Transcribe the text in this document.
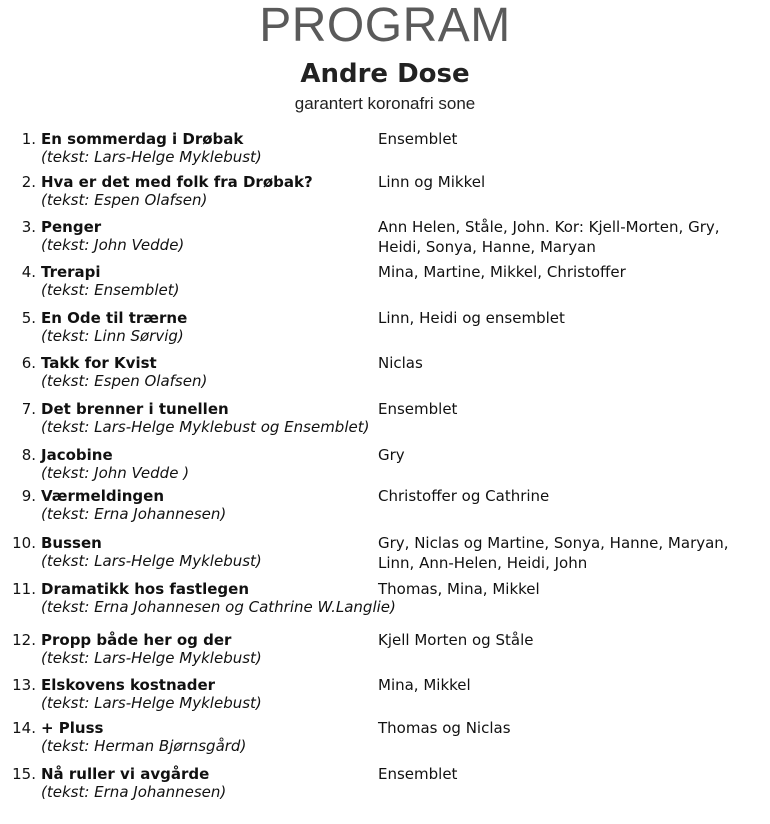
PROGRAM
Andre Dose
garantert koronafri sone
1. En sommerdag i Drøbak
(tekst: Lars-Helge Myklebust)
Ensemblet
2. Hva er det med folk fra Drøbak?
(tekst: Espen Olafsen)
Linn og Mikkel
3. Penger
(tekst: John Vedde)
Ann Helen, Ståle, John. Kor: Kjell-Morten, Gry, Heidi, Sonya, Hanne, Maryan
4. Trerapi
(tekst: Ensemblet)
Mina, Martine, Mikkel, Christoffer
5. En Ode til trærne
(tekst: Linn Sørvig)
Linn, Heidi og ensemblet
6. Takk for Kvist
(tekst: Espen Olafsen)
Niclas
7. Det brenner i tunellen
(tekst: Lars-Helge Myklebust og Ensemblet)
Ensemblet
8. Jacobine
(tekst: John Vedde )
Gry
9. Værmeldingen
(tekst: Erna Johannesen)
Christoffer og Cathrine
10. Bussen
(tekst: Lars-Helge Myklebust)
Gry, Niclas og Martine, Sonya, Hanne, Maryan, Linn, Ann-Helen, Heidi, John
11. Dramatikk hos fastlegen
(tekst: Erna Johannesen og Cathrine W.Langlie)
Thomas, Mina, Mikkel
12. Propp både her og der
(tekst: Lars-Helge Myklebust)
Kjell Morten og Ståle
13. Elskovens kostnader
(tekst: Lars-Helge Myklebust)
Mina, Mikkel
14. + Pluss
(tekst: Herman Bjørnsgård)
Thomas og Niclas
15. Nå ruller vi avgårde
(tekst: Erna Johannesen)
Ensemblet
